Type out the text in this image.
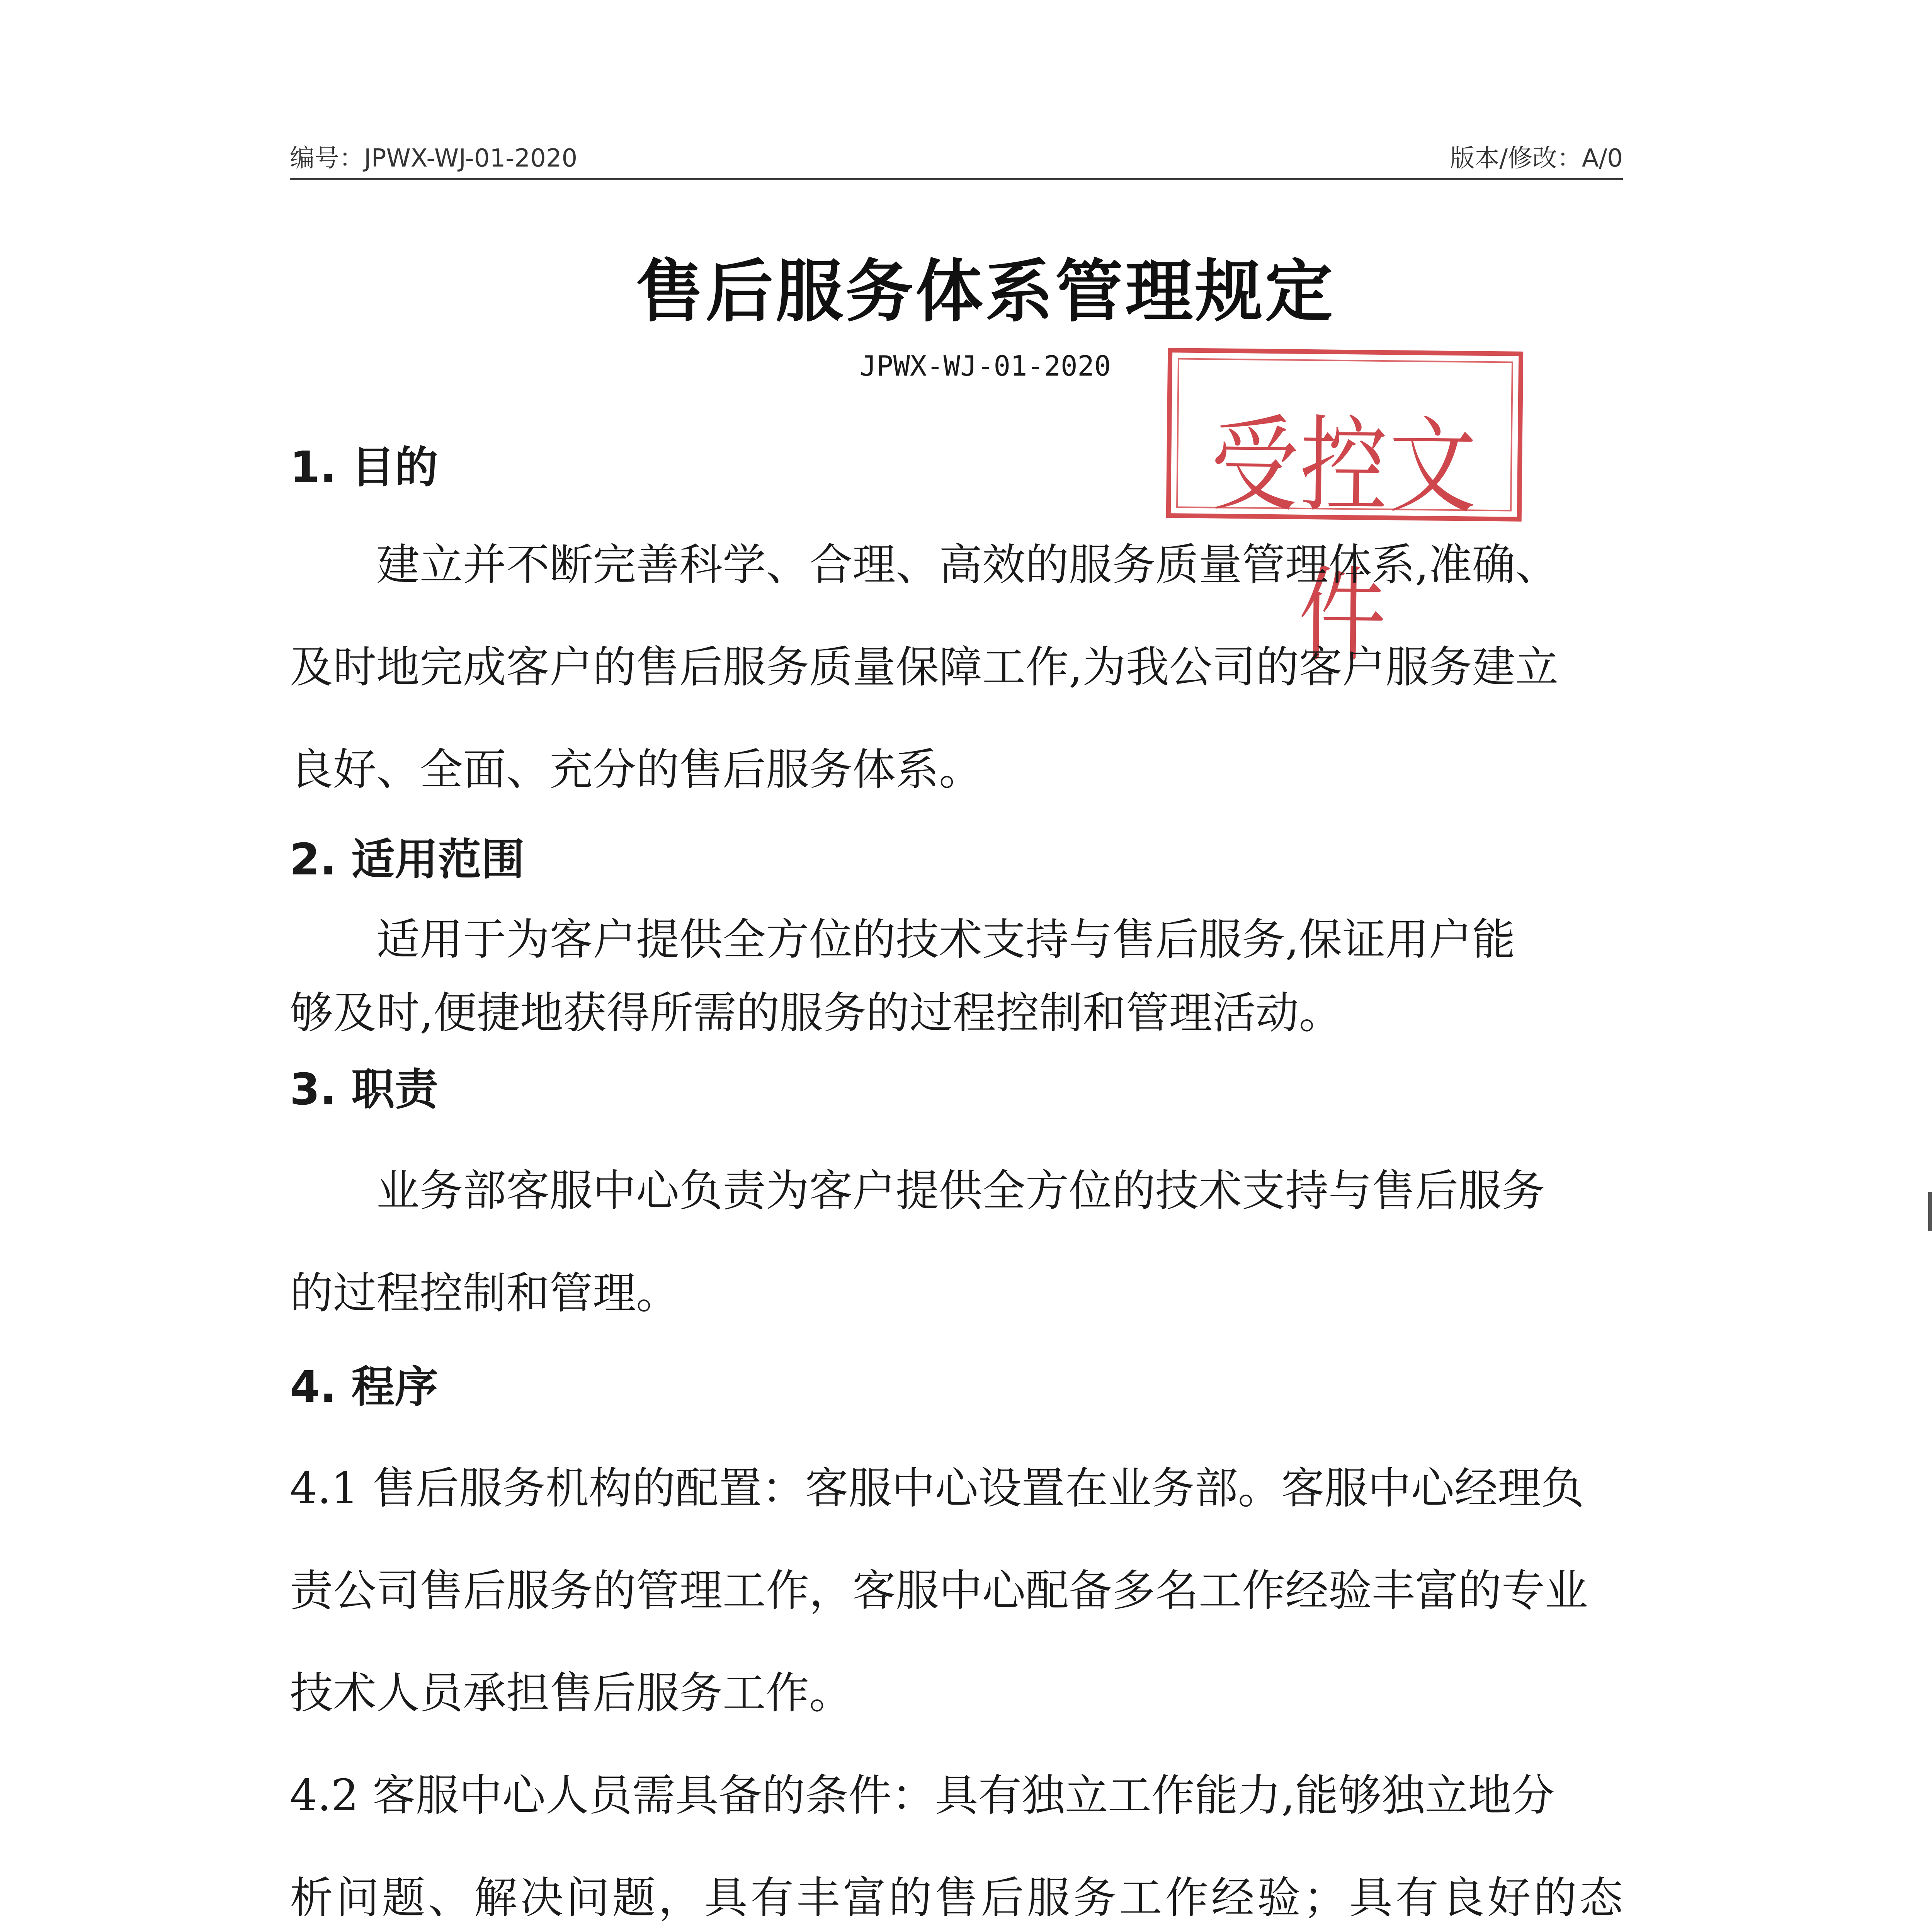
编号：JPWX-WJ-01-2020	版本/修改：A/0
售后服务体系管理规定
JPWX-WJ-01-2020
受控文件

1. 目的

　　建立并不断完善科学、合理、高效的服务质量管理体系,准确、

及时地完成客户的售后服务质量保障工作,为我公司的客户服务建立

良好、全面、充分的售后服务体系。

2. 适用范围

　　适用于为客户提供全方位的技术支持与售后服务,保证用户能

够及时,便捷地获得所需的服务的过程控制和管理活动。

3. 职责

　　业务部客服中心负责为客户提供全方位的技术支持与售后服务

的过程控制和管理。

4. 程序

4.1 售后服务机构的配置：客服中心设置在业务部。客服中心经理负

责公司售后服务的管理工作，客服中心配备多名工作经验丰富的专业

技术人员承担售后服务工作。

4.2 客服中心人员需具备的条件：具有独立工作能力,能够独立地分

析问题、解决问题，具有丰富的售后服务工作经验；具有良好的态
